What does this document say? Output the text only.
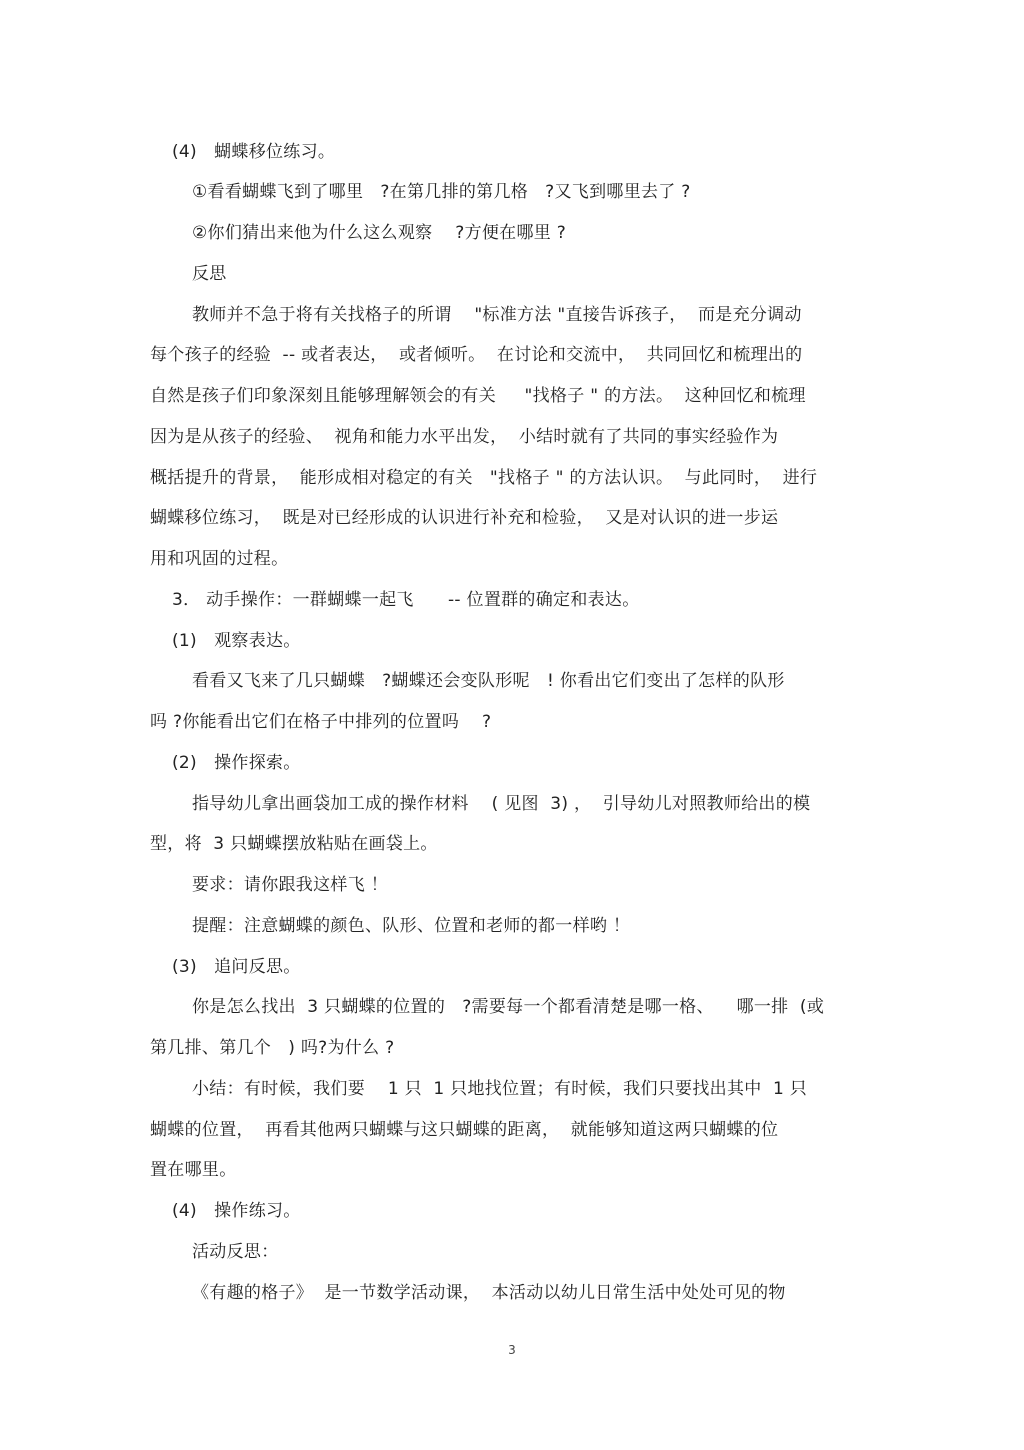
(4)   蝴蝶移位练习。
①看看蝴蝶飞到了哪里   ?在第几排的第几格   ?又飞到哪里去了 ?
②你们猜出来他为什么这么观察    ?方便在哪里 ?
反思
教师并不急于将有关找格子的所谓    "标准方法 "直接告诉孩子，  而是充分调动
每个孩子的经验  -- 或者表达，  或者倾听。  在讨论和交流中，  共同回忆和梳理出的
自然是孩子们印象深刻且能够理解领会的有关     "找格子 " 的方法。  这种回忆和梳理
因为是从孩子的经验、  视角和能力水平出发，  小结时就有了共同的事实经验作为
概括提升的背景，  能形成相对稳定的有关   "找格子 " 的方法认识。  与此同时，  进行
蝴蝶移位练习，  既是对已经形成的认识进行补充和检验，  又是对认识的进一步运
用和巩固的过程。
3． 动手操作：一群蝴蝶一起飞      -- 位置群的确定和表达。
(1)   观察表达。
看看又飞来了几只蝴蝶   ?蝴蝶还会变队形呢   ! 你看出它们变出了怎样的队形
吗 ?你能看出它们在格子中排列的位置吗    ?
(2)   操作探索。
指导幼儿拿出画袋加工成的操作材料    ( 见图  3) ，  引导幼儿对照教师给出的模
型，将  3 只蝴蝶摆放粘贴在画袋上。
要求：请你跟我这样飞 ！
提醒：注意蝴蝶的颜色、队形、位置和老师的都一样哟 ！
(3)   追问反思。
你是怎么找出  3 只蝴蝶的位置的   ?需要每一个都看清楚是哪一格、    哪一排  (或
第几排、第几个   ) 吗?为什么 ?
小结：有时候，我们要    1 只  1 只地找位置；有时候，我们只要找出其中  1 只
蝴蝶的位置，  再看其他两只蝴蝶与这只蝴蝶的距离，  就能够知道这两只蝴蝶的位
置在哪里。
(4)   操作练习。
活动反思：
《有趣的格子》  是一节数学活动课，  本活动以幼儿日常生活中处处可见的物
3
